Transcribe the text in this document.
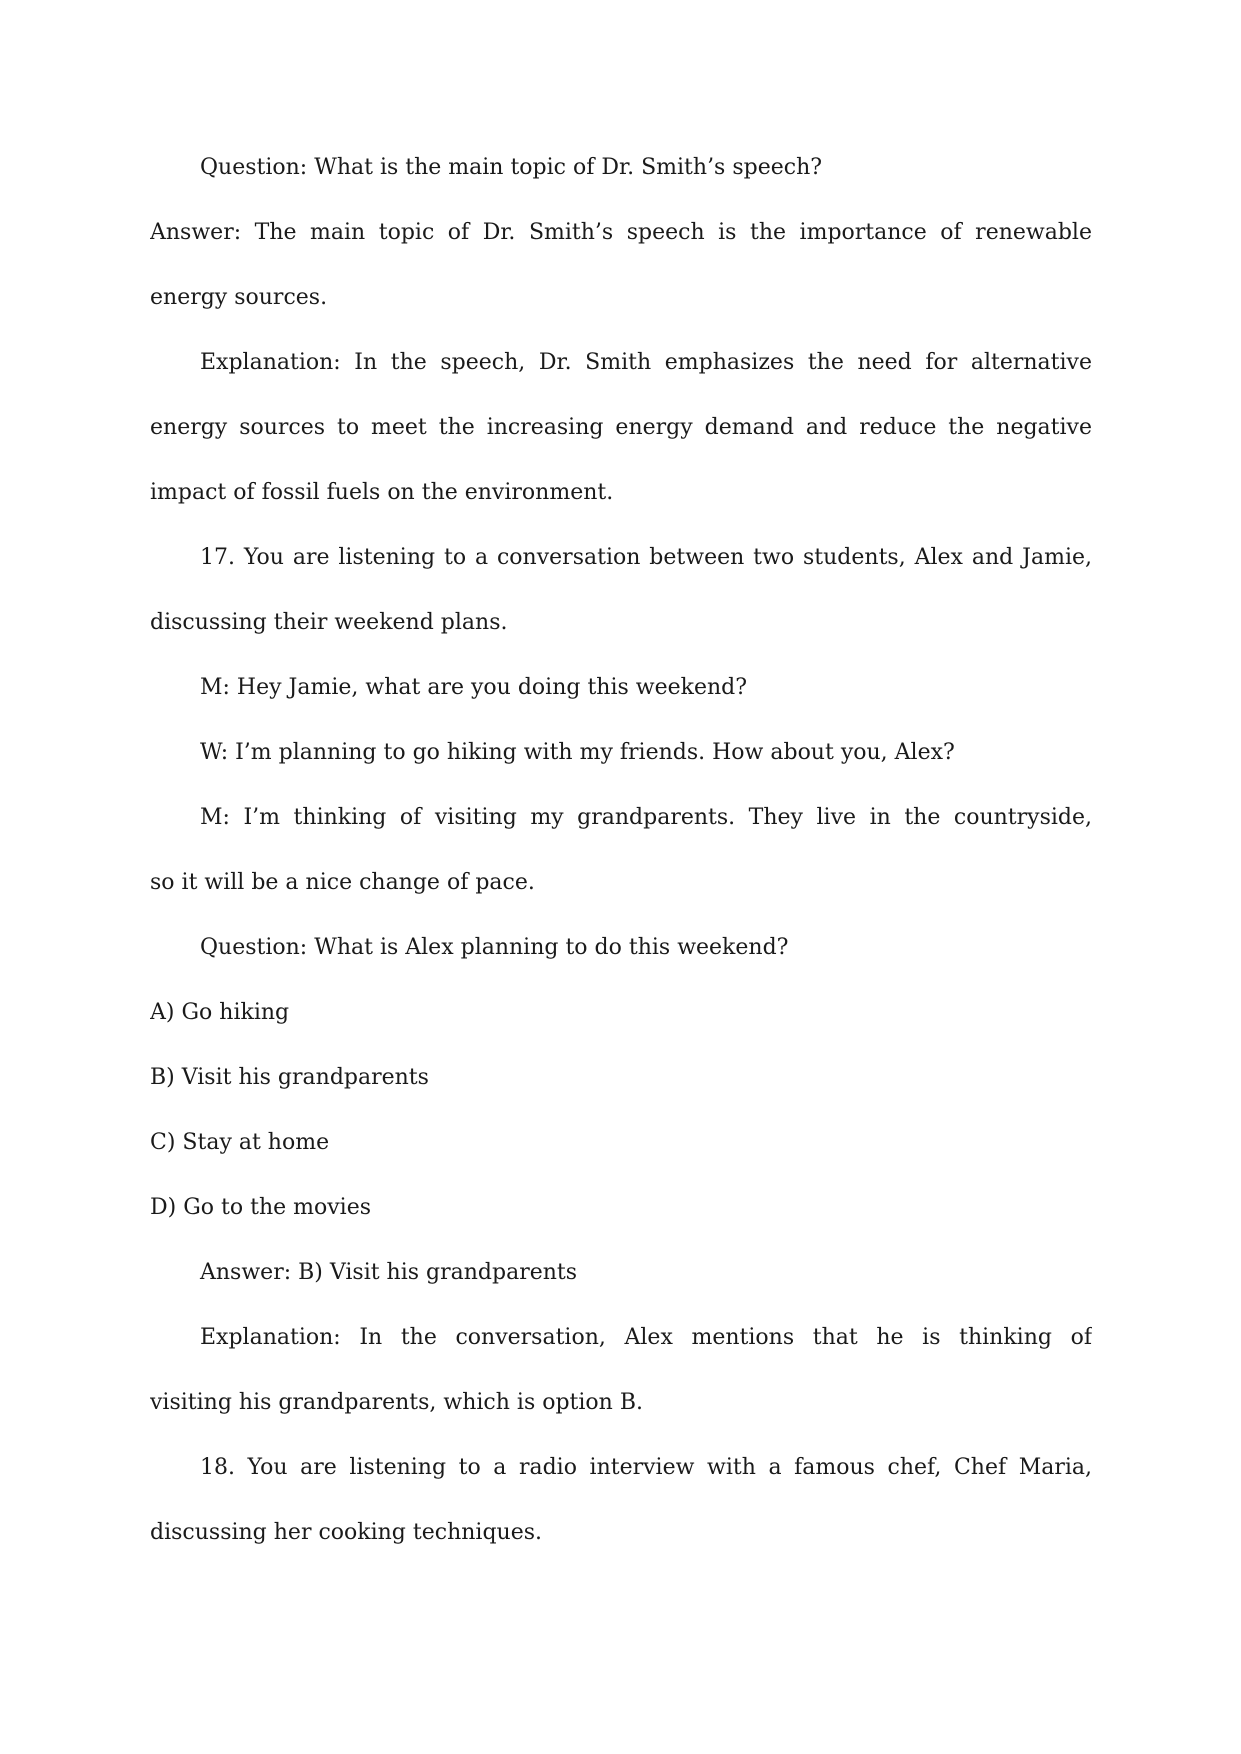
Question: What is the main topic of Dr. Smith’s speech?
Answer: The main topic of Dr. Smith’s speech is the importance of renewable
energy sources.
Explanation: In the speech, Dr. Smith emphasizes the need for alternative
energy sources to meet the increasing energy demand and reduce the negative
impact of fossil fuels on the environment.
17. You are listening to a conversation between two students, Alex and Jamie,
discussing their weekend plans.
M: Hey Jamie, what are you doing this weekend?
W: I’m planning to go hiking with my friends. How about you, Alex?
M: I’m thinking of visiting my grandparents. They live in the countryside,
so it will be a nice change of pace.
Question: What is Alex planning to do this weekend?
A) Go hiking
B) Visit his grandparents
C) Stay at home
D) Go to the movies
Answer: B) Visit his grandparents
Explanation: In the conversation, Alex mentions that he is thinking of
visiting his grandparents, which is option B.
18. You are listening to a radio interview with a famous chef, Chef Maria,
discussing her cooking techniques.
